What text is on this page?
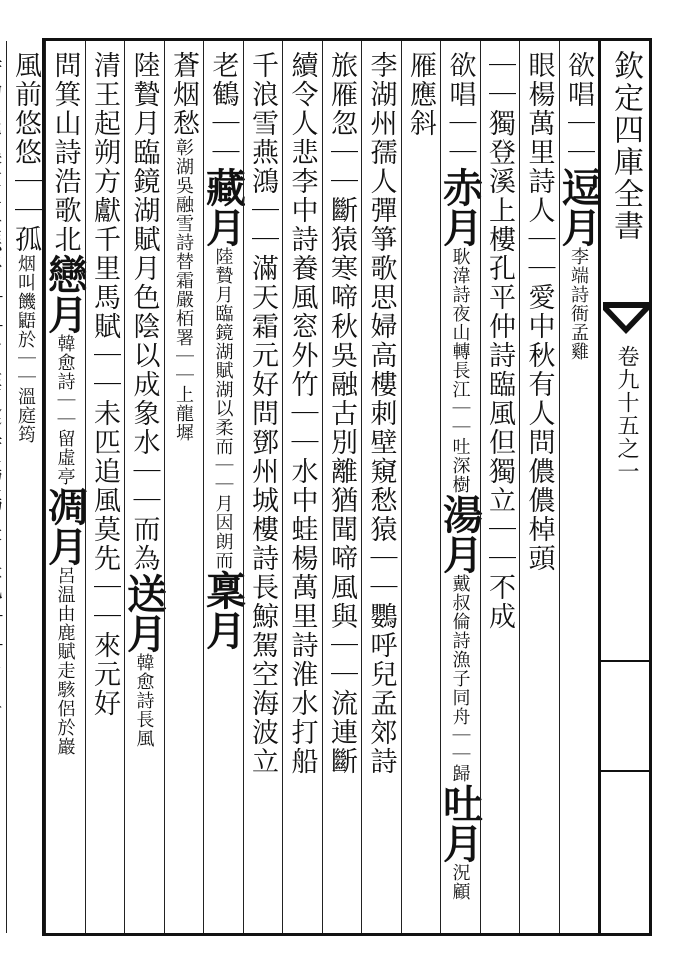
欽定四庫全書
卷九十五之一
欲唱｜｜逗月李端詩衙孟雞
眼楊萬里詩人｜｜愛中秋有人問儂儂棹頭
｜｜獨登溪上樓孔平仲詩臨風但獨立｜｜不成
欲唱｜｜赤月耿湋詩夜山轉長江｜｜吐深樹湯月戴叔倫詩漁子同舟｜｜歸吐月況顧
雁應斜
李湖州孺人彈箏歌思婦高樓刺壁窺愁猿｜｜鸚呼兒孟郊詩
旅雁忽｜｜斷猿寒啼秋吳融古別離猶聞啼風與｜｜流連斷
續令人悲李中詩養風窓外竹｜｜水中蛙楊萬里詩淮水打船
千浪雪燕鴻｜｜滿天霜元好問鄧州城樓詩長鯨駕空海波立
老鶴｜｜藏月陸贄月臨鏡湖賦湖以柔而｜｜月因朗而稟月
蒼烟愁彰湖吳融雪詩替霜嚴栢署｜｜上龍墀
陸贄月臨鏡湖賦月色陰以成象水｜｜而為送月韓愈詩長風
清王起朔方獻千里馬賦｜｜未匹追風莫先｜｜來元好
問箕山詩浩歌北戀月韓愈詩｜｜留虛亭凋月呂温由鹿賦走駭侶於巖
風前悠悠｜｜孤烟叫饑鼯於｜｜溫庭筠
